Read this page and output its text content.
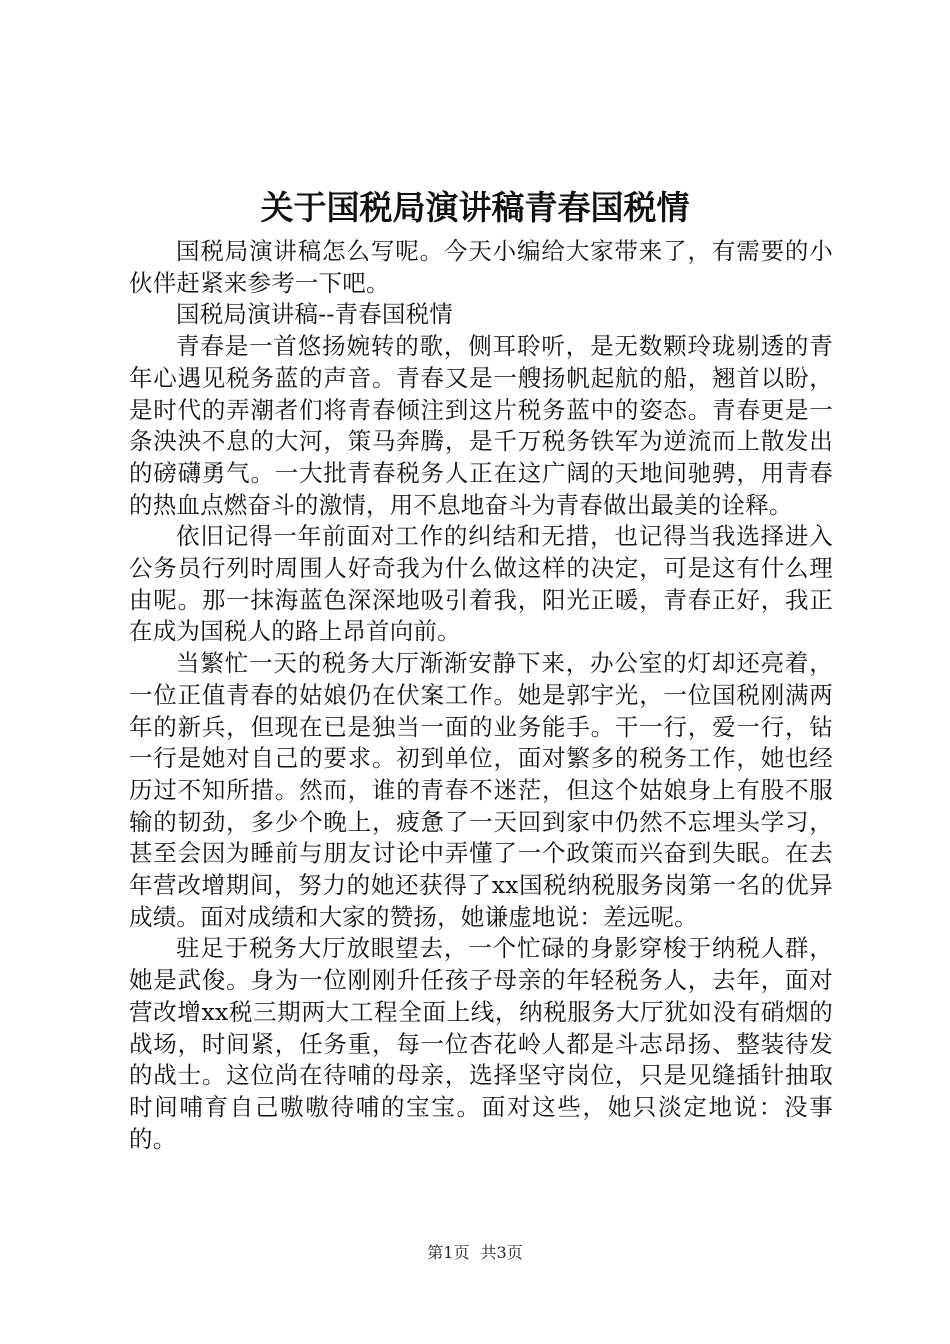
关于国税局演讲稿青春国税情

国税局演讲稿怎么写呢。今天小编给大家带来了，有需要的小伙伴赶紧来参考一下吧。

国税局演讲稿--青春国税情

青春是一首悠扬婉转的歌，侧耳聆听，是无数颗玲珑剔透的青年心遇见税务蓝的声音。青春又是一艘扬帆起航的船，翘首以盼，是时代的弄潮者们将青春倾注到这片税务蓝中的姿态。青春更是一条泱泱不息的大河，策马奔腾，是千万税务铁军为逆流而上散发出的磅礴勇气。一大批青春税务人正在这广阔的天地间驰骋，用青春的热血点燃奋斗的激情，用不息地奋斗为青春做出最美的诠释。

依旧记得一年前面对工作的纠结和无措，也记得当我选择进入公务员行列时周围人好奇我为什么做这样的决定，可是这有什么理由呢。那一抹海蓝色深深地吸引着我，阳光正暖，青春正好，我正在成为国税人的路上昂首向前。

当繁忙一天的税务大厅渐渐安静下来，办公室的灯却还亮着，一位正值青春的姑娘仍在伏案工作。她是郭宇光，一位国税刚满两年的新兵，但现在已是独当一面的业务能手。干一行，爱一行，钻一行是她对自己的要求。初到单位，面对繁多的税务工作，她也经历过不知所措。然而，谁的青春不迷茫，但这个姑娘身上有股不服输的韧劲，多少个晚上，疲惫了一天回到家中仍然不忘埋头学习，甚至会因为睡前与朋友讨论中弄懂了一个政策而兴奋到失眠。在去年营改增期间，努力的她还获得了xx国税纳税服务岗第一名的优异成绩。面对成绩和大家的赞扬，她谦虚地说：差远呢。

驻足于税务大厅放眼望去，一个忙碌的身影穿梭于纳税人群，她是武俊。身为一位刚刚升任孩子母亲的年轻税务人，去年，面对营改增xx税三期两大工程全面上线，纳税服务大厅犹如没有硝烟的战场，时间紧，任务重，每一位杏花岭人都是斗志昂扬、整装待发的战士。这位尚在待哺的母亲，选择坚守岗位，只是见缝插针抽取时间哺育自己嗷嗷待哺的宝宝。面对这些，她只淡定地说：没事的。

第1页 共3页
